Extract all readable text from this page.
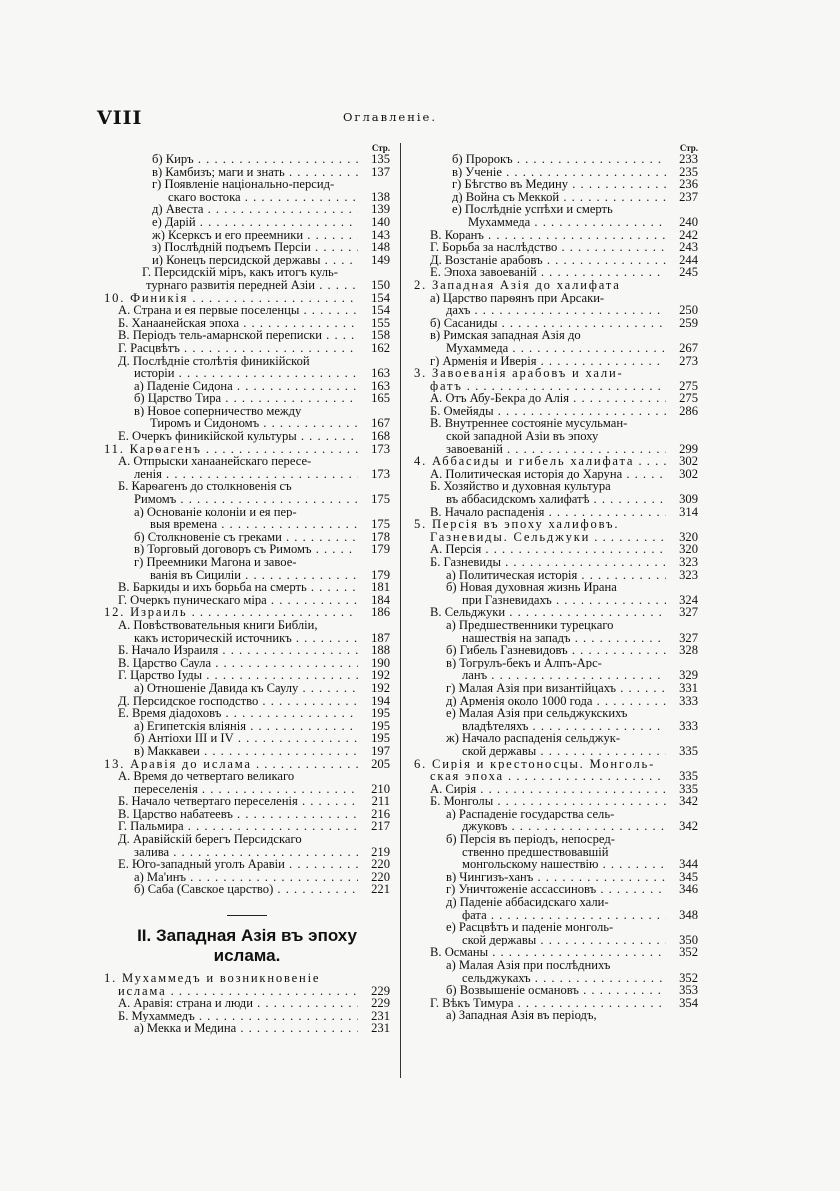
VIII	Оглавленіе.
Стр.
б) Киръ . . .	135
в) Камбизъ; маги и знать . . .	137
г) Появленіе національно-персид-
скаго востока . . .	138
д) Авеста . . .	139
е) Дарій . . .	140
ж) Ксерксъ и его преемники . . .	143
з) Послѣдній подъемъ Персіи . . .	148
и) Конецъ персидской державы . . .	149
Г. Персидскій міръ, какъ итогъ куль-
турнаго развитія передней Азіи . . .	150
10. Финикія . . .	154
А. Страна и ея первые поселенцы . . .	154
Б. Ханаанейская эпоха . . .	155
В. Періодъ тель-амарнской переписки . . .	158
Г. Расцвѣтъ . . .	162
Д. Послѣдніе столѣтія финикійской
исторіи . . .	163
а) Паденіе Сидона . . .	163
б) Царство Тира . . .	165
в) Новое соперничество между
Тиромъ и Сидономъ . . .	167
Е. Очеркъ финикійской культуры . . .	168
11. Карѳагенъ . . .	173
А. Отпрыски ханаанейскаго пересе-
ленія . . .	173
Б. Карѳагенъ до столкновенія съ
Римомъ . . .	175
а) Основаніе колоніи и ея пер-
выя времена . . .	175
б) Столкновеніе съ греками . . .	178
в) Торговый договоръ съ Римомъ . . .	179
г) Преемники Магона и завое-
ванія въ Сициліи . . .	179
В. Баркиды и ихъ борьба на смерть . . .	181
Г. Очеркъ пуническаго міра . . .	184
12. Израиль . . .	186
А. Повѣствовательныя книги Библіи,
какъ историческій источникъ . . .	187
Б. Начало Израиля . . .	188
В. Царство Саула . . .	190
Г. Царство Іуды . . .	192
а) Отношеніе Давида къ Саулу . . .	192
Д. Персидское господство . . .	194
Е. Время діадоховъ . . .	195
а) Египетскія вліянія . . .	195
б) Антіохи III и IV . . .	195
в) Маккавеи . . .	197
13. Аравія до ислама . . .	205
А. Время до четвертаго великаго
переселенія . . .	210
Б. Начало четвертаго переселенія . . .	211
В. Царство набатеевъ . . .	216
Г. Пальмира . . .	217
Д. Аравійскій берегъ Персидскаго
залива . . .	219
Е. Юго-западный уголъ Аравіи . . .	220
а) Ма'инъ . . .	220
б) Саба (Савское царство) . . .	221
II. Западная Азія въ эпоху
ислама.
1. Мухаммедъ и возникновеніе
ислама . . .	229
А. Аравія: страна и люди . . .	229
Б. Мухаммедъ . . .	231
а) Мекка и Медина . . .	231
Стр.
б) Пророкъ . . .	233
в) Ученіе . . .	235
г) Бѣгство въ Медину . . .	236
д) Война съ Меккой . . .	237
е) Послѣдніе успѣхи и смерть
Мухаммеда . . .	240
В. Коранъ . . .	242
Г. Борьба за наслѣдство . . .	243
Д. Возстаніе арабовъ . . .	244
Е. Эпоха завоеваній . . .	245
2. Западная Азія до халифата
а) Царство парѳянъ при Арсаки-
дахъ . . .	250
б) Сасаниды . . .	259
в) Римская западная Азія до
Мухаммеда . . .	267
г) Арменія и Иверія . . .	273
3. Завоеванія арабовъ и хали-
фатъ . . .	275
А. Отъ Абу-Бекра до Алія . . .	275
Б. Омейяды . . .	286
В. Внутреннее состояніе мусульман-
ской западной Азіи въ эпоху
завоеваній . . .	299
4. Аббасиды и гибель халифата . . .	302
А. Политическая исторія до Харуна . . .	302
Б. Хозяйство и духовная культура
въ аббасидскомъ халифатѣ . . .	309
В. Начало распаденія . . .	314
5. Персія въ эпоху халифовъ.
Газневиды. Сельджуки . . .	320
А. Персія . . .	320
Б. Газневиды . . .	323
а) Политическая исторія . . .	323
б) Новая духовная жизнь Ирана
при Газневидахъ . . .	324
В. Сельджуки . . .	327
а) Предшественники турецкаго
нашествія на западъ . . .	327
б) Гибель Газневидовъ . . .	328
в) Тогрулъ-бекъ и Алпъ-Арс-
ланъ . . .	329
г) Малая Азія при византійцахъ . . .	331
д) Арменія около 1000 года . . .	333
е) Малая Азія при сельджукскихъ
владѣтеляхъ . . .	333
ж) Начало распаденія сельджук-
ской державы . . .	335
6. Сирія и крестоносцы. Монголь-
ская эпоха . . .	335
А. Сирія . . .	335
Б. Монголы . . .	342
а) Распаденіе государства сель-
джуковъ . . .	342
б) Персія въ періодъ, непосред-
ственно предшествовавшій
монгольскому нашествію . . .	344
в) Чингизъ-ханъ . . .	345
г) Уничтоженіе ассассиновъ . . .	346
д) Паденіе аббасидскаго хали-
фата . . .	348
е) Расцвѣтъ и паденіе монголь-
ской державы . . .	350
В. Османы . . .	352
а) Малая Азія при послѣднихъ
сельджукахъ . . .	352
б) Возвышеніе османовъ . . .	353
Г. Вѣкъ Тимура . . .	354
а) Западная Азія въ періодъ,
